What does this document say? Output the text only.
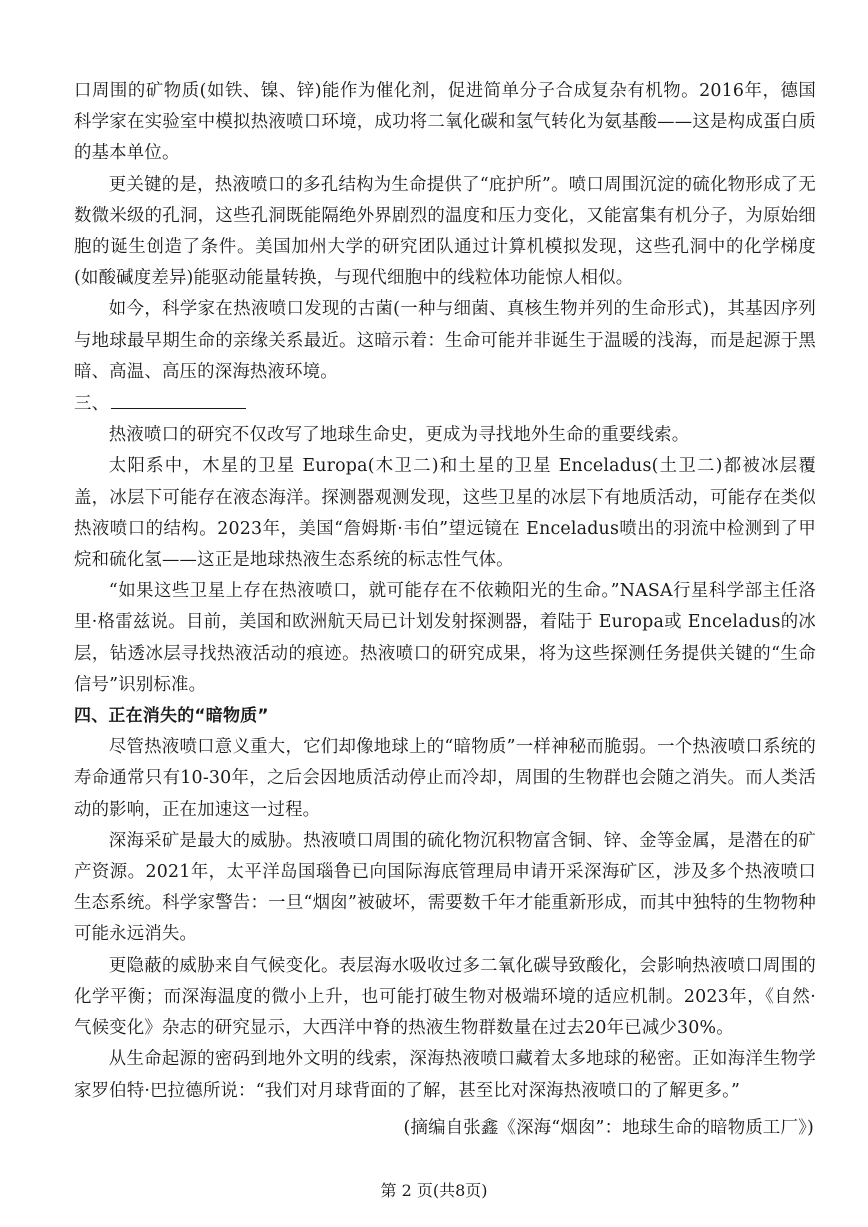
口周围的矿物质(如铁、镍、锌)能作为催化剂，促进简单分子合成复杂有机物。2016年，德国科学家在实验室中模拟热液喷口环境，成功将二氧化碳和氢气转化为氨基酸——这是构成蛋白质的基本单位。

更关键的是，热液喷口的多孔结构为生命提供了“庇护所”。喷口周围沉淀的硫化物形成了无数微米级的孔洞，这些孔洞既能隔绝外界剧烈的温度和压力变化，又能富集有机分子，为原始细胞的诞生创造了条件。美国加州大学的研究团队通过计算机模拟发现，这些孔洞中的化学梯度(如酸碱度差异)能驱动能量转换，与现代细胞中的线粒体功能惊人相似。

如今，科学家在热液喷口发现的古菌(一种与细菌、真核生物并列的生命形式)，其基因序列与地球最早期生命的亲缘关系最近。这暗示着：生命可能并非诞生于温暖的浅海，而是起源于黑暗、高温、高压的深海热液环境。

三、

热液喷口的研究不仅改写了地球生命史，更成为寻找地外生命的重要线索。

太阳系中，木星的卫星 Europa(木卫二)和土星的卫星 Enceladus(土卫二)都被冰层覆盖，冰层下可能存在液态海洋。探测器观测发现，这些卫星的冰层下有地质活动，可能存在类似热液喷口的结构。2023年，美国“詹姆斯·韦伯”望远镜在 Enceladus喷出的羽流中检测到了甲烷和硫化氢——这正是地球热液生态系统的标志性气体。

“如果这些卫星上存在热液喷口，就可能存在不依赖阳光的生命。”NASA行星科学部主任洛里·格雷兹说。目前，美国和欧洲航天局已计划发射探测器，着陆于 Europa或 Enceladus的冰层，钻透冰层寻找热液活动的痕迹。热液喷口的研究成果，将为这些探测任务提供关键的“生命信号”识别标准。

四、正在消失的“暗物质”

尽管热液喷口意义重大，它们却像地球上的“暗物质”一样神秘而脆弱。一个热液喷口系统的寿命通常只有10-30年，之后会因地质活动停止而冷却，周围的生物群也会随之消失。而人类活动的影响，正在加速这一过程。

深海采矿是最大的威胁。热液喷口周围的硫化物沉积物富含铜、锌、金等金属，是潜在的矿产资源。2021年，太平洋岛国瑙鲁已向国际海底管理局申请开采深海矿区，涉及多个热液喷口生态系统。科学家警告：一旦“烟囱”被破坏，需要数千年才能重新形成，而其中独特的生物物种可能永远消失。

更隐蔽的威胁来自气候变化。表层海水吸收过多二氧化碳导致酸化，会影响热液喷口周围的化学平衡；而深海温度的微小上升，也可能打破生物对极端环境的适应机制。2023年，《自然·气候变化》杂志的研究显示，大西洋中脊的热液生物群数量在过去20年已减少30%。

从生命起源的密码到地外文明的线索，深海热液喷口藏着太多地球的秘密。正如海洋生物学家罗伯特·巴拉德所说：“我们对月球背面的了解，甚至比对深海热液喷口的了解更多。”

(摘编自张鑫《深海“烟囱”：地球生命的暗物质工厂》)

第 2 页(共8页)
